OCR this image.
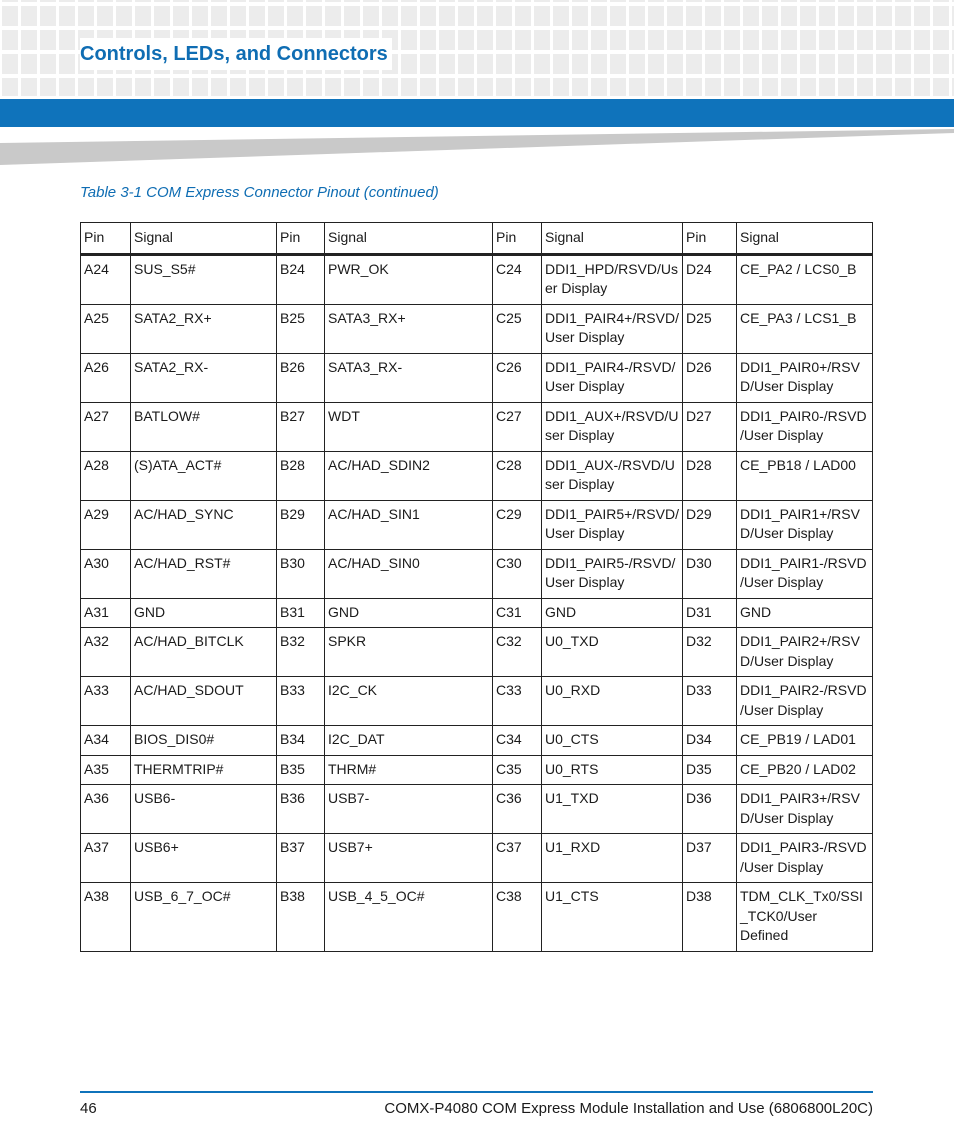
Controls, LEDs, and Connectors
Table 3-1 COM Express Connector Pinout (continued)
Pin	Signal	Pin	Signal	Pin	Signal	Pin	Signal
A24	SUS_S5#	B24	PWR_OK	C24	DDI1_HPD/RSVD/User Display	D24	CE_PA2 / LCS0_B
A25	SATA2_RX+	B25	SATA3_RX+	C25	DDI1_PAIR4+/RSVD/User Display	D25	CE_PA3 / LCS1_B
A26	SATA2_RX-	B26	SATA3_RX-	C26	DDI1_PAIR4-/RSVD/User Display	D26	DDI1_PAIR0+/RSVD/User Display
A27	BATLOW#	B27	WDT	C27	DDI1_AUX+/RSVD/User Display	D27	DDI1_PAIR0-/RSVD/User Display
A28	(S)ATA_ACT#	B28	AC/HAD_SDIN2	C28	DDI1_AUX-/RSVD/User Display	D28	CE_PB18 / LAD00
A29	AC/HAD_SYNC	B29	AC/HAD_SIN1	C29	DDI1_PAIR5+/RSVD/User Display	D29	DDI1_PAIR1+/RSVD/User Display
A30	AC/HAD_RST#	B30	AC/HAD_SIN0	C30	DDI1_PAIR5-/RSVD/User Display	D30	DDI1_PAIR1-/RSVD/User Display
A31	GND	B31	GND	C31	GND	D31	GND
A32	AC/HAD_BITCLK	B32	SPKR	C32	U0_TXD	D32	DDI1_PAIR2+/RSVD/User Display
A33	AC/HAD_SDOUT	B33	I2C_CK	C33	U0_RXD	D33	DDI1_PAIR2-/RSVD/User Display
A34	BIOS_DIS0#	B34	I2C_DAT	C34	U0_CTS	D34	CE_PB19 / LAD01
A35	THERMTRIP#	B35	THRM#	C35	U0_RTS	D35	CE_PB20 / LAD02
A36	USB6-	B36	USB7-	C36	U1_TXD	D36	DDI1_PAIR3+/RSVD/User Display
A37	USB6+	B37	USB7+	C37	U1_RXD	D37	DDI1_PAIR3-/RSVD/User Display
A38	USB_6_7_OC#	B38	USB_4_5_OC#	C38	U1_CTS	D38	TDM_CLK_Tx0/SSI_TCK0/User Defined
46	COMX-P4080 COM Express Module Installation and Use (6806800L20C)
